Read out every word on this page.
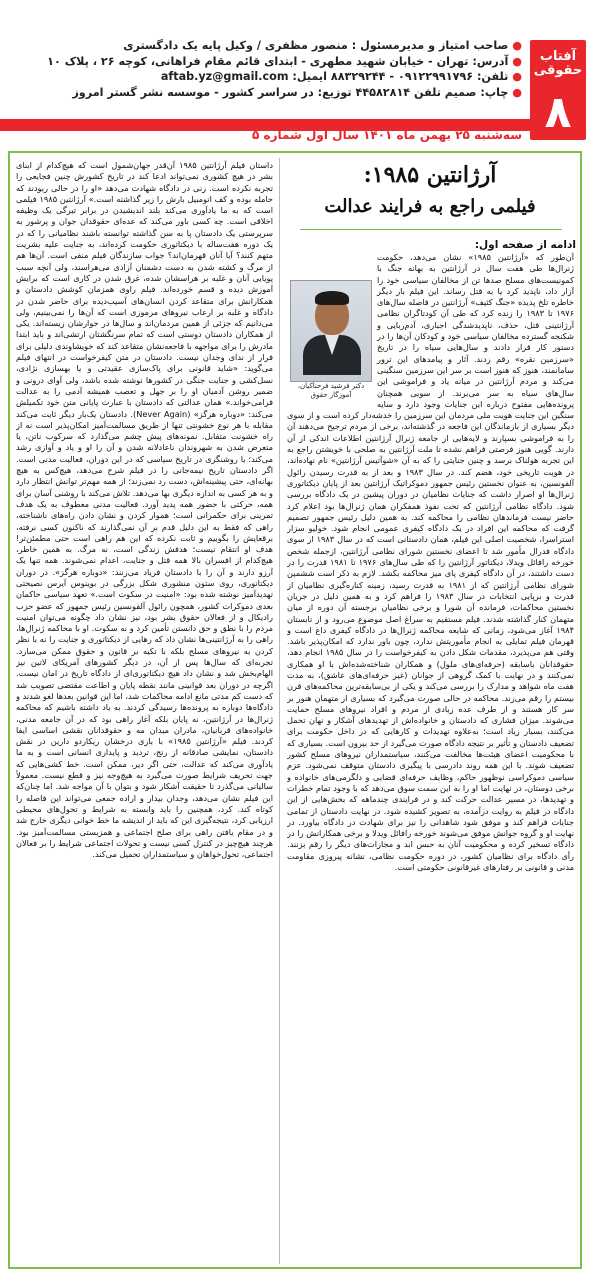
آفتاب حقوقی
۸
● صاحب امتیاز و مدیرمسئول : منصور مظفری / وکیل پایه یک دادگستری
● آدرس: تهران - خیابان شهید مطهری - ابتدای قائم مقام فراهانی، کوچه ۲۶ ، پلاک ۱۰
● تلفن: ۰۹۱۲۲۹۹۱۷۹۶ - ۸۸۳۲۹۲۴۴ ایمیل: aftab.yz@gmail.com
● چاپ: صمیم تلفن ۴۴۵۸۲۸۱۴ توزیع: در سراسر کشور - موسسه نشر گستر امروز
سه‌شنبه ۲۵ بهمن ماه ۱۴۰۱ سال اول شماره ۵
آرژانتین ۱۹۸۵:
فیلمی راجع به فرایند عدالت
ادامه از صفحه اول:
دکتر فرشید فرحناکیان، آموزگار حقوق

آن‌طور که «آرژانتین ۱۹۸۵» نشان می‌دهد، حکومت ژنرال‌ها طی هفت سال در آرژانتین به بهانه جنگ با کمونیست‌های مسلح صدها تن از مخالفان سیاسی خود را آزار داد، ناپدید کرد یا به قتل رساند. این فیلم بار دیگر خاطره تلخ پدیده «جنگ کثیف» آرژانتین در فاصله سال‌های ۱۹۷۶ تا ۱۹۸۳ را زنده کرد که طی آن کودتاگران نظامی آرژانتینی قتل، حذف، ناپدیدشدگی اجباری، آدم‌ربایی و شکنجه گسترده مخالفان سیاسی خود و کودکان آن‌ها را در دستور کار قرار دادند و سال‌هایی سیاه را در تاریخ «سرزمین نقره» رقم زدند. آثار و پیامدهای این ترور سامانمند، هنوز که هنوز است بر سر این سرزمین سنگینی می‌کند و مردم آرژانتین در میانه یاد و فراموشی این سال‌های سیاه به سر می‌برند. از سویی همچنان پرونده‌هایی مفتوح درباره این جنایات وجود دارد و سایه سنگین این جنایت هویت ملی مردمان این سرزمین را خدشه‌دار کرده است و از سوی دیگر بسیاری از بازماندگان این فاجعه در گذشته‌اند، برخی از مردم ترجیح می‌دهند آن را به فراموشی بسپارند و لایه‌هایی از جامعه ژنرال آرژانتین اطلاعات اندکی از آن دارند. گویی هنوز فرصتی فراهم نشده تا ملت آرژانتین به صلحی با خویشتن راجع به این تجربه هولناک برسد و چنین جنایتی را که به آن «شوآتیس آرژانتین» نام نهاده‌اند، در هویت تاریخی خود، هضم کند. در سال ۱۹۸۳ و بعد از به قدرت رسیدن رائول آلفونسین، به عنوان نخستین رئیس جمهور دموکراتیک آرژانتین بعد از پایان دیکتاتوری ژنرال‌ها او اصرار داشت که جنایات نظامیان در دوران پیشین در یک دادگاه بررسی شود. دادگاه نظامی آرژانتین که تحت نفوذ همفکران همان ژنرال‌ها بود اعلام کرد حاضر نیست فرماندهان نظامی را محاکمه کند. به همین دلیل رئیس جمهور تصمیم گرفت که محاکمه این افراد در یک دادگاه کیفری عمومی انجام شود. خولیو سزار استراسرا، شخصیت اصلی این فیلم، همان دادستانی است که در سال ۱۹۸۳ از سوی دادگاه فدرال مأمور شد تا اعضای نخستین شورای نظامی آرژانتین، ازجمله شخص خورخه رافائل ویدلا، دیکتاتور آرژانتین را که طی سال‌های ۱۹۷۶ تا ۱۹۸۱ قدرت را در دست داشتند، در آن دادگاه کیفری پای میز محاکمه بکشد. لازم به ذکر است ششمین شورای نظامی آرژانتین که از ۱۹۸۱ به قدرت رسید، زمینه کناره‌گیری نظامیان از قدرت و برپایی انتخابات در سال ۱۹۸۳ را فراهم کرد و به همین دلیل در جریان نخستین محاکمات، فرمانده آن شورا و برخی نظامیان برجسته آن دوره از میان متهمان کنار گذاشته شدند. فیلم مستقیم به سراغ اصل موضوع می‌رود و از تابستان ۱۹۸۴ آغاز می‌شود، زمانی که شایعه محاکمه ژنرال‌ها در دادگاه کیفری داغ است و قهرمان فیلم تمایلی به انجام مأموریتش ندارد، چون باور ندارد که امکان‌پذیر باشد. وقتی هم می‌پذیرد، مقدمات شکل دادن به کیفرخواست را در سال ۱۹۸۵ انجام دهد، حقوقدانان باسابقه (حرفه‌ای‌های ملول) و همکاران شناخته‌شده‌اش با او همکاری نمی‌کنند و در نهایت با کمک گروهی از جوانان (غیر حرفه‌ای‌های عاشق)، به مدت هفت ماه شواهد و مدارک را بررسی می‌کند و یکی از بی‌سابقه‌ترین محاکمه‌های قرن بیستم را رقم می‌زند. محاکمه در حالی صورت می‌گیرد که بسیاری از متهمان هنوز بر سر کار هستند و از طرف عده زیادی از مردم و افراد نیروهای مسلح حمایت می‌شوند. میزان فشاری که دادستان و خانواده‌اش از تهدیدهای آشکار و نهان تحمل می‌کنند، بسیار زیاد است؛ به‌علاوه تهدیدات و کارهایی که در داخل حکومت برای تضعیف دادستان و تأثیر بر نتیجه دادگاه صورت می‌گیرد از حد بیرون است. بسیاری که با محکومیت اعضای هیئت‌ها مخالفت می‌کنند، سیاستمداران نیروهای مسلح کشور تضعیف شوند. با این همه روند دادرسی با پیگیری دادستان متوقف نمی‌شود. عزم سیاسی دموکراسی نوظهور حاکم، وظایف حرفه‌ای قضایی و دلگرمی‌های خانواده و برخی دوستان، در نهایت اما او را به این سمت سوق می‌دهد که با وجود تمام خطرات و تهدیدها، در مسیر عدالت حرکت کند و در فرایندی چندماهه که بخش‌هایی از این دادگاه در فیلم به روایت درآمده، به تصویر کشیده شود. در نهایت دادستان از تمامی جنایات فراهم کند و موفق شود شاهدانی را نیز برای شهادت در دادگاه بیاورد. در نهایت او و گروه جوانش موفق می‌شوند خورخه رافائل ویدلا و برخی همکارانش را در دادگاه تسخیر کرده و محکومیت آنان به حبس ابد و مجازات‌های دیگر را رقم بزنند. رأی دادگاه برای نظامیان کشور، در دوره حکومت نظامی، نشانه پیروزی مقاومت مدنی و قانونی بر رفتارهای غیرقانونی حکومتی است.

داستان فیلم آرژانتین ۱۹۸۵ آن‌قدر جهان‌شمول است که هیچ‌کدام از ابنای بشر در هیچ کشوری نمی‌تواند ادعا کند در تاریخ کشورش چنین فجایعی را تجربه نکرده است. زنی در دادگاه شهادت می‌دهد «او را در حالی ربودند که حامله بوده و کف اتومبیل بارش را زیر گذاشته است.» آرژانتین ۱۹۸۵ فیلمی است که به ما یادآوری می‌کند بلند اندیشیدن در برابر تیرگی یک وظیفه اخلاقی است. چه کسی باور می‌کند که عده‌ای حقوقدان جوان و پرشور به سرپرستی یک دادستان پا به سن گذاشته توانسته باشند نظامیانی را که در یک دوره هفت‌ساله با دیکتاتوری حکومت کرده‌اند، به جنایت علیه بشریت متهم کنند؟ آیا آنان قهرمان‌اند؟ جواب سازندگان فیلم منفی است. آن‌ها هم از مرگ و کشته شدن به دست دشمنان آزادی می‌هراسند، ولی آنچه سبب پویایی آنان و غلبه بر هراسشان شده، غرق شدن در کاری است که برایش آموزش دیده و قسم خورده‌اند. فیلم راوی همزمان کوشش دادستان و همکارانش برای متقاعد کردن انسان‌های آسیب‌دیده برای حاضر شدن در دادگاه و غلبه بر ارعاب نیروهای مرموزی است که آن‌ها را نمی‌بینیم، ولی می‌دانیم که جزئی از همین مردمان‌اند و سال‌ها در جوارشان زیسته‌اند. یکی از همکاران دادستان دوستی است که تمام سرنگشتان ارتشی‌اند و باید ابتدا مادرش را برای مواجهه با فاجعه‌نشان متقاعد کند که خویشاوندی دلیلی برای فرار از ندای وجدان نیست. دادستان در متن کیفرخواست در انتهای فیلم می‌گوید: «شاید قانونی برای پاک‌سازی عقیدتی و یا بهسازی نژادی، نسل‌کشی و جنایت جنگی در کشورها نوشته شده باشد، ولی آوای درونی و ضمیر روشن آدمیان او را بر جهل و تعصب همیشه آدمی را به عدالت فرامی‌خواند.» همان عدالتی که دادستان با عبارت پایانی متن خود تکمیلش می‌کند: «دوباره هرگز» (Never Again). دادستان یک‌بار دیگر ثابت می‌کند مقابله با هر نوع خشونتی تنها از طریق مسالمت‌آمیز امکان‌پذیر است نه از راه خشونت متقابل. نمونه‌های پیش چشم می‌گذارد که سرکوب ناتن، یا متعرض شدن به شهروندان ناعادلانه شدن و آن را او و یاد و آوازی رشد می‌کند؛ با روشنگری در تاریخ سیاسی که در این دوران، فعالیت مدنی است. اگر دادستان تاریخ نیمه‌جانی را در فیلم شرح می‌دهد، هیچ‌کس به هیچ بهانه‌ای، حتی پیشینه‌اش، دست رد نمی‌زند؛ از همه مهم‌تر توانش انتظار دارد و به هر کسی به اندازه دیگری بها می‌دهد. تلاش می‌کند با روشنی آسان برای همه، حرکتی با حضور همه پدید آورد. فعالیت مدنی معطوف به یک هدف تمرینی برای حکمرانی است؛ هموار کردن و نشان دادن راه‌های ناشناخته، راهی که فقط به این دلیل قدم بر آن نمی‌گذارند که ناکنون کسی نرفته، برقعایش را بگوییم و ثابت نکرده که این هم راهی است حتی مطمئن‌تر! هدف او انتقام نیست؛ هدفش زندگی است، نه مرگ. به همین خاطر، هیچ‌کدام از افسران بالا همه قتل و جنایت، اعدام نمی‌شوند. همه تنها یک آرزو دارند و آن را با دادستان فریاد می‌زنند: «دوباره هرگز». در دوران دیکتاتوری، روی ستون منشوری شکل بزرگی در بوینوس آیرس نصیحتی تهدیدآمیز نوشته شده بود: «امنیت در سکوت است.» تعهد سیاسی حاکمان بعدی دموکرات کشور، همچون رائول آلفونسین رئیس جمهور که عضو حزب رادیکال و از فعالان حقوق بشر بود، نیز نشان داد چگونه می‌توان امنیت مردم را با نطق و حق دانستن تأمین کرد و نه سکوت. او با محاکمه ژنرال‌ها، راهی را به آرژانتینی‌ها نشان داد که رهایی از دیکتاتوری و جنایت را نه با نظر کردن به نیروهای مسلح بلکه با تکیه بر قانون و حقوق ممکن می‌سازد. تجربه‌ای که سال‌ها پس از آن، در دیگر کشورهای آمریکای لاتین نیز الهام‌بخش شد و نشان داد هیچ دیکتاتوری‌ای از دادگاه تاریخ در امان نیست. اگرچه در دوران بعد قوانینی مانند نقطه پایان و اطاعت مقتضی تصویب شد که دست کم مدتی مانع ادامه محاکمات شد، اما این قوانین بعدها لغو شدند و دادگاه‌ها دوباره به پرونده‌ها رسیدگی کردند. به یاد داشته باشیم که محاکمه ژنرال‌ها در آرژانتین، نه پایان بلکه آغاز راهی بود که در آن جامعه مدنی، خانواده‌های قربانیان، مادران میدان مه و حقوقدانان نقشی اساسی ایفا کردند. فیلم «آرژانتین ۱۹۸۵» با بازی درخشان ریکاردو دارین در نقش دادستان، نمایشی صادقانه از رنج، تردید و پایداری انسانی است و به ما یادآوری می‌کند که عدالت، حتی اگر دیر، ممکن است. خط کشی‌هایی که جهت تحریف شرایط صورت می‌گیرد به هیچ‌وجه نیز و قطع نیست. معمولاً سالیانی می‌گذرد تا حقیقت آشکار شود و بتوان با آن مواجه شد. اما چنان‌که این فیلم نشان می‌دهد، وجدان بیدار و اراده جمعی می‌تواند این فاصله را کوتاه کند. کرد، همچنین را باید وابسته به شرایط و تحول‌های محیطی ارزیابی کرد، نتیجه‌گیری این که باید از اندیشه ما خط خوانی دیگری خارج شد و در مقام یافتن راهی برای صلح اجتماعی و همزیستی مسالمت‌آمیز بود. هرچند هیچ‌چیز در کنترل کسی نیست و تحولات اجتماعی شرایط را بر فعالان اجتماعی، تحول‌خواهان و سیاستمداران تحمیل می‌کند.
